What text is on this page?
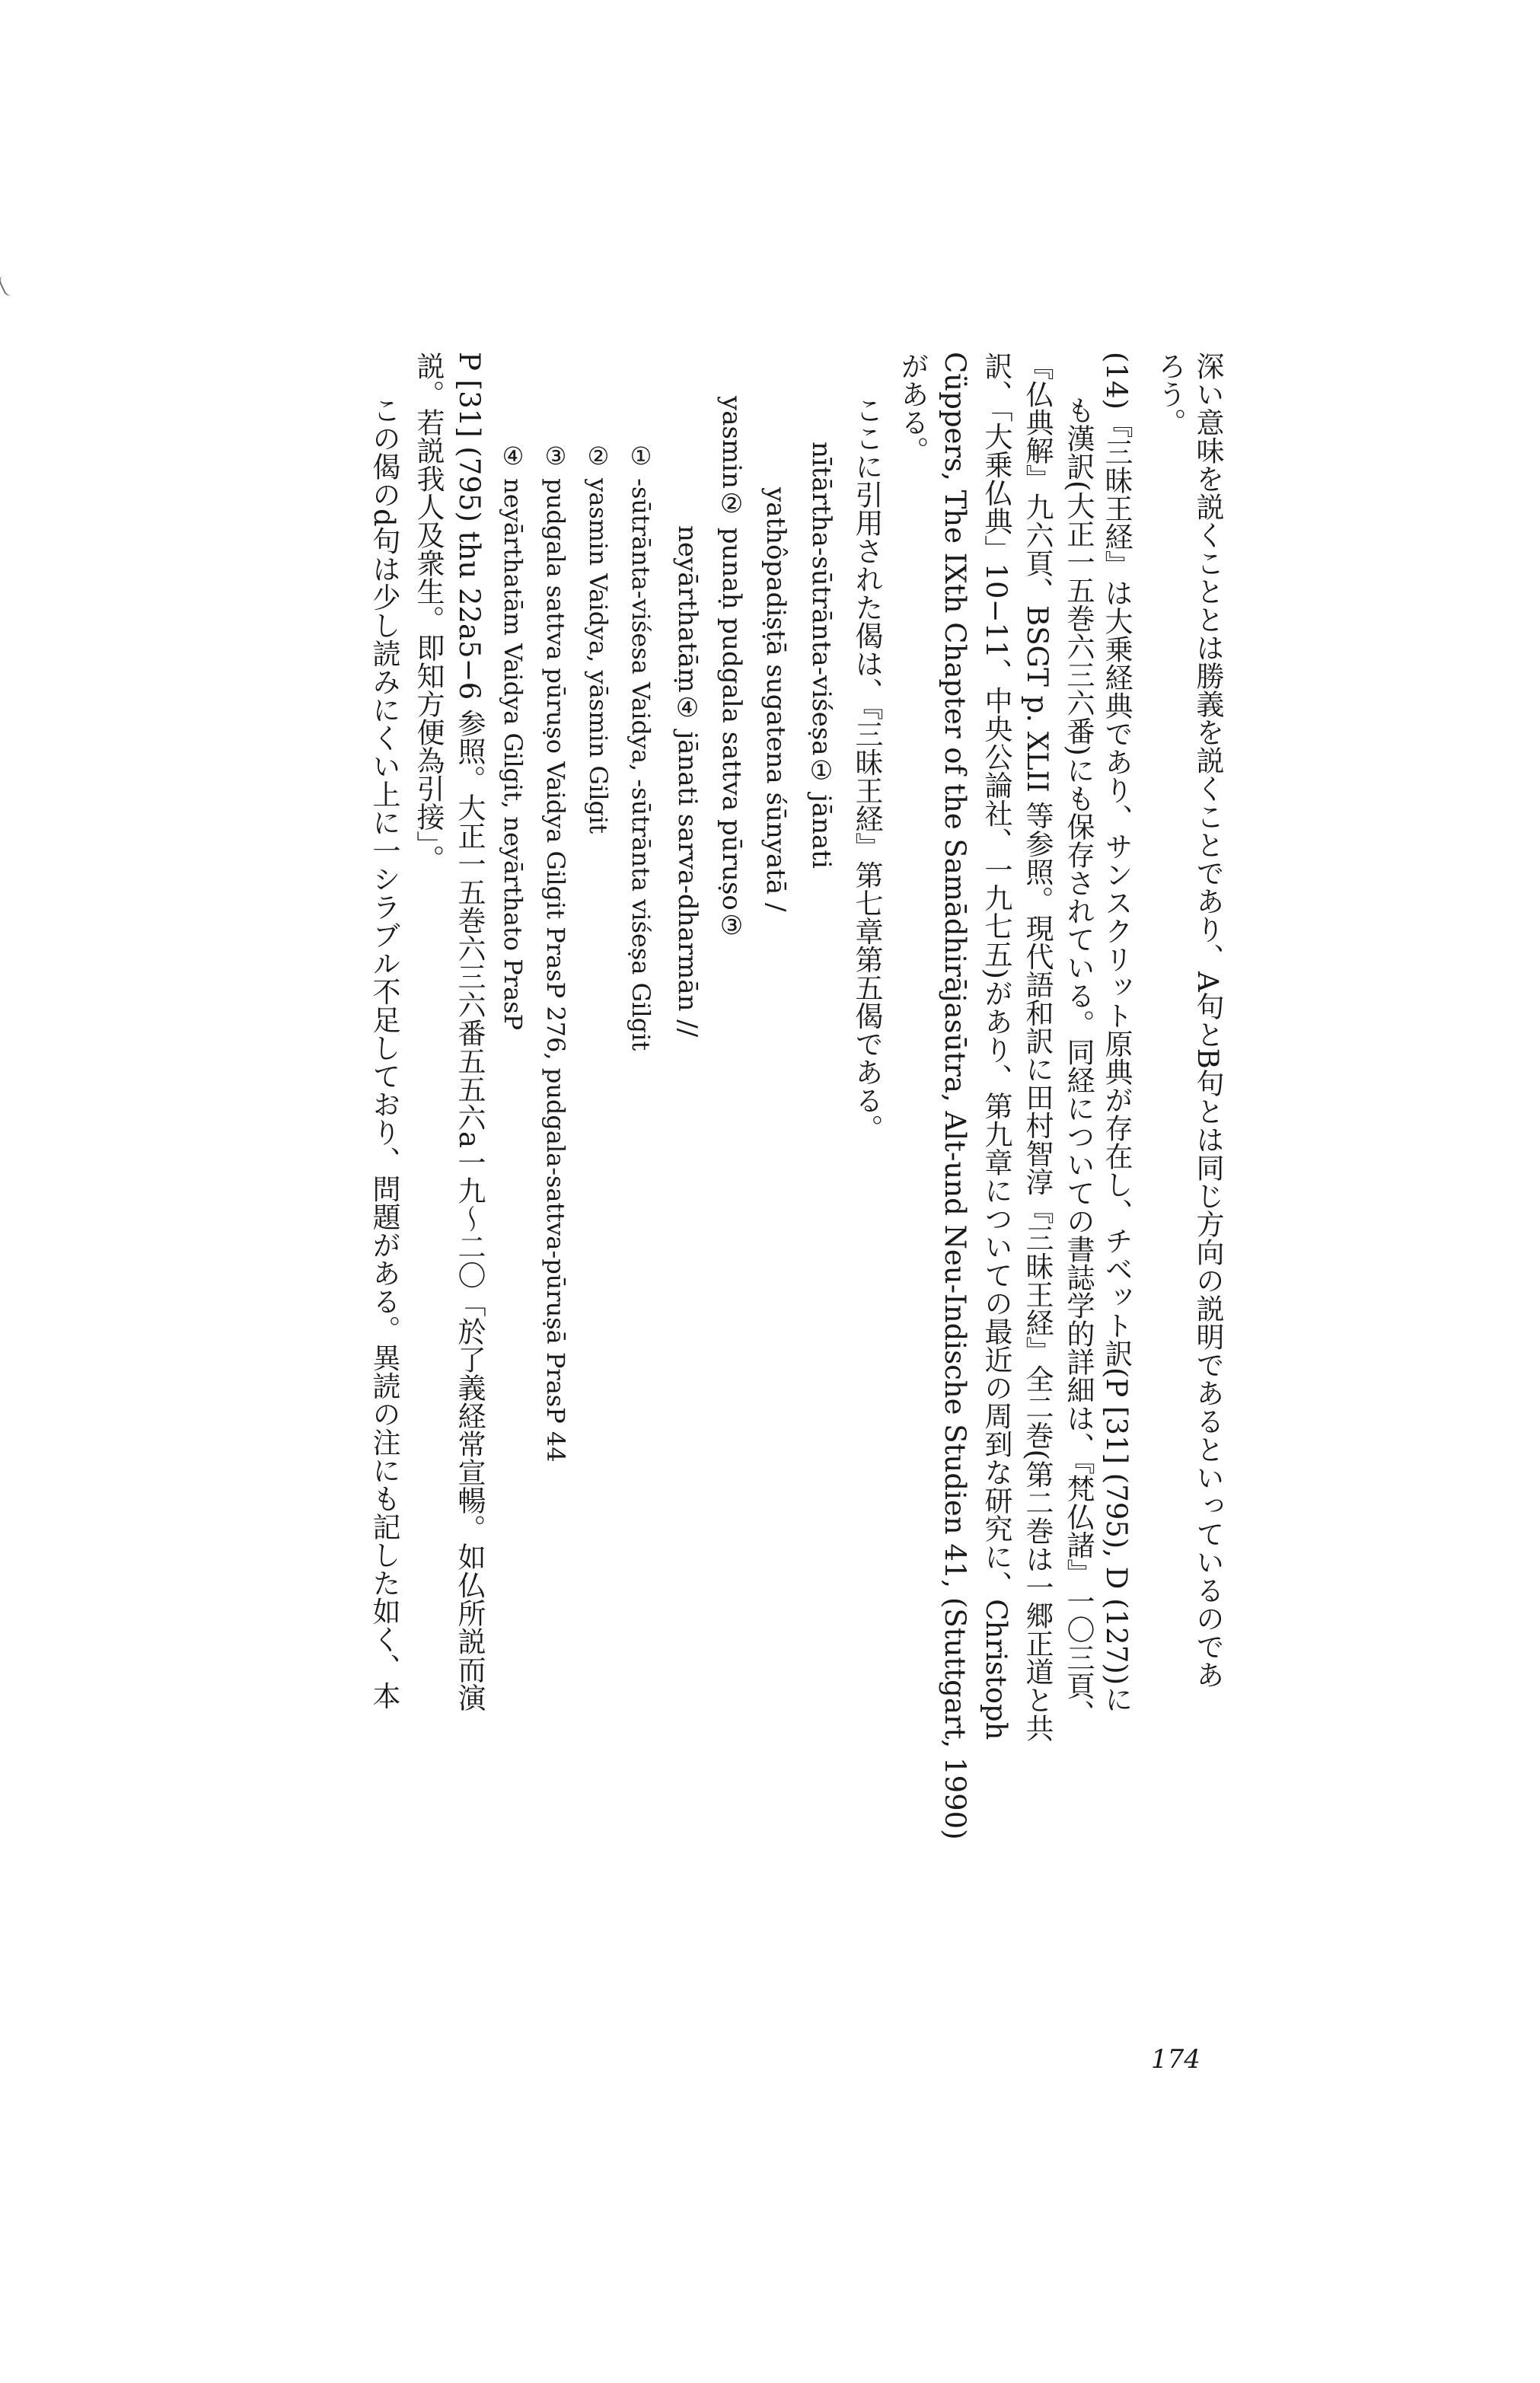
深い意味を説くこととは勝義を説くことであり、A句とB句とは同じ方向の説明であるといっているのであ
ろう。
(14)『三昧王経』は大乗経典であり、サンスクリット原典が存在し、チベット訳(P [31] (795), D (127))に
も漢訳(大正一五巻六三六番)にも保存されている。同経についての書誌学的詳細は、『梵仏諸』一〇三頁、
『仏典解』九六頁、BSGT p. XLII 等参照。現代語和訳に田村智淳『三昧王経』全二巻(第二巻は一郷正道と共
訳、「大乗仏典」10−11、中央公論社、一九七五)があり、第九章についての最近の周到な研究に、Christoph
Cüppers, The IXth Chapter of the Samādhirājasūtra, Alt-und Neu-Indische Studien 41, (Stuttgart, 1990)
がある。
ここに引用された偈は、『三昧王経』第七章第五偈である。
nītārtha-sūtrānta-viśeṣa① jānati
yathôpadiṣṭā sugatena śūnyatā /
yasmin② punaḥ pudgala sattva pūruṣo③
neyārthatāṃ④ jānati sarva-dharmān //
① -sūtrānta-viśesa Vaidya, -sūtrānta viśeṣa Gilgit
② yasmin Vaidya, yāsmin Gilgit
③ pudgala sattva pūruṣo Vaidya Gilgit PrasP 276, pudgala-sattva-pūruṣā PrasP 44
④ neyārthatām Vaidya Gilgit, neyārthato PrasP
P [31] (795) thu 22a5−6 参照。大正一五巻六三六番五五六a一九〜二〇「於了義経常宣暢。如仏所説而演
説。若説我人及衆生。即知方便為引接」。
この偈のd句は少し読みにくい上に一シラブル不足しており、問題がある。異読の注にも記した如く、本
174
